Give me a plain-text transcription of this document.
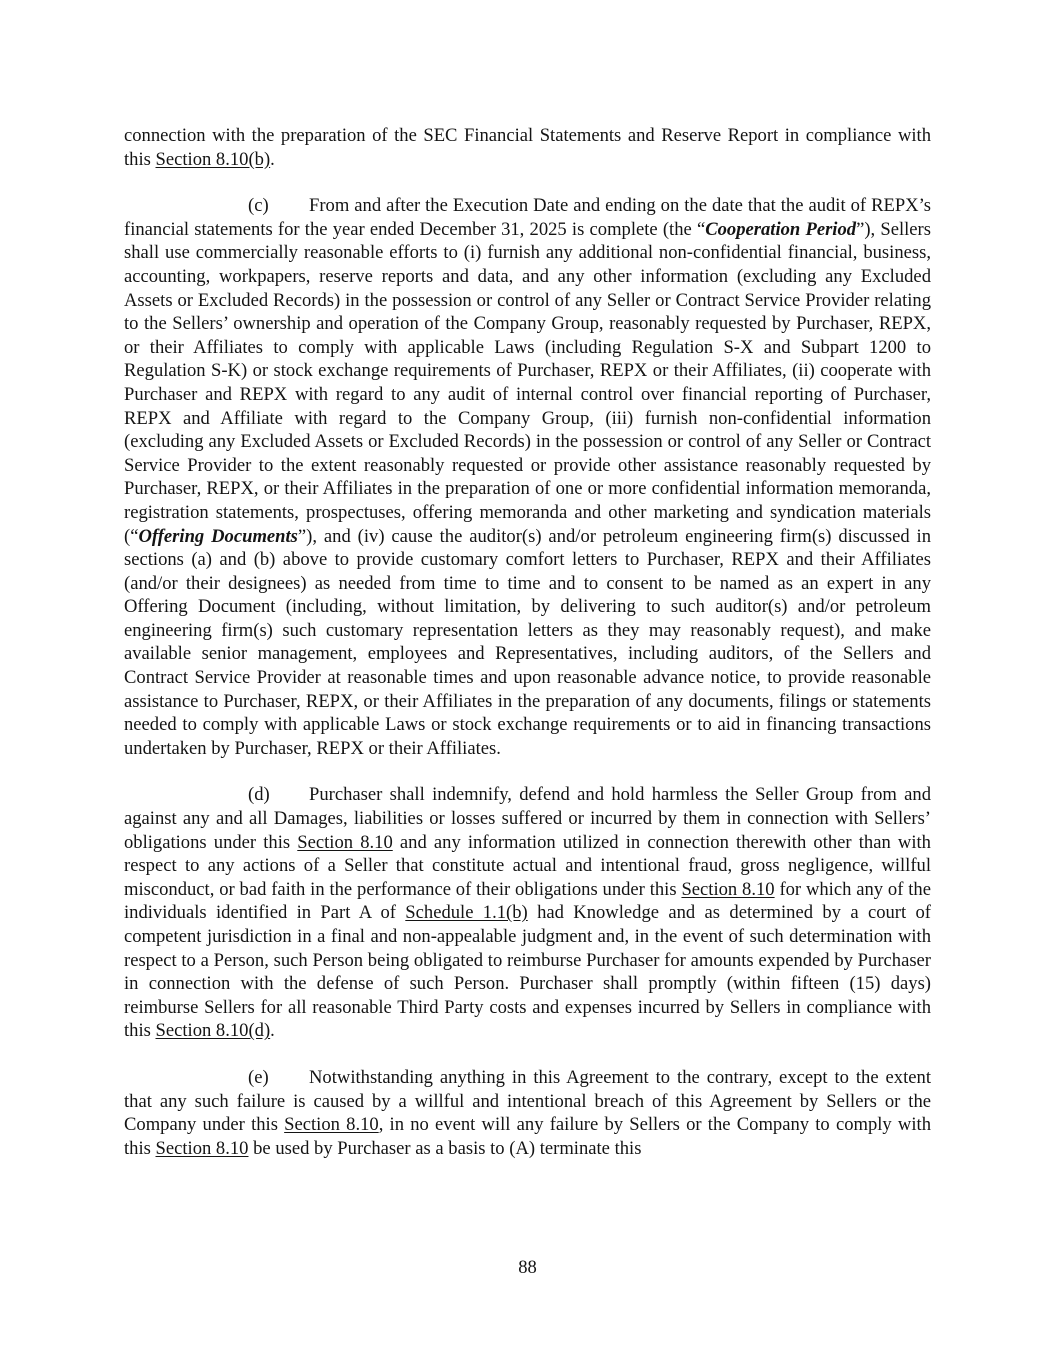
connection with the preparation of the SEC Financial Statements and Reserve Report in compliance with this Section 8.10(b).

(c) From and after the Execution Date and ending on the date that the audit of REPX’s financial statements for the year ended December 31, 2025 is complete (the “Cooperation Period”), Sellers shall use commercially reasonable efforts to (i) furnish any additional non-confidential financial, business, accounting, workpapers, reserve reports and data, and any other information (excluding any Excluded Assets or Excluded Records) in the possession or control of any Seller or Contract Service Provider relating to the Sellers’ ownership and operation of the Company Group, reasonably requested by Purchaser, REPX, or their Affiliates to comply with applicable Laws (including Regulation S-X and Subpart 1200 to Regulation S-K) or stock exchange requirements of Purchaser, REPX or their Affiliates, (ii) cooperate with Purchaser and REPX with regard to any audit of internal control over financial reporting of Purchaser, REPX and Affiliate with regard to the Company Group, (iii) furnish non-confidential information (excluding any Excluded Assets or Excluded Records) in the possession or control of any Seller or Contract Service Provider to the extent reasonably requested or provide other assistance reasonably requested by Purchaser, REPX, or their Affiliates in the preparation of one or more confidential information memoranda, registration statements, prospectuses, offering memoranda and other marketing and syndication materials (“Offering Documents”), and (iv) cause the auditor(s) and/or petroleum engineering firm(s) discussed in sections (a) and (b) above to provide customary comfort letters to Purchaser, REPX and their Affiliates (and/or their designees) as needed from time to time and to consent to be named as an expert in any Offering Document (including, without limitation, by delivering to such auditor(s) and/or petroleum engineering firm(s) such customary representation letters as they may reasonably request), and make available senior management, employees and Representatives, including auditors, of the Sellers and Contract Service Provider at reasonable times and upon reasonable advance notice, to provide reasonable assistance to Purchaser, REPX, or their Affiliates in the preparation of any documents, filings or statements needed to comply with applicable Laws or stock exchange requirements or to aid in financing transactions undertaken by Purchaser, REPX or their Affiliates.

(d) Purchaser shall indemnify, defend and hold harmless the Seller Group from and against any and all Damages, liabilities or losses suffered or incurred by them in connection with Sellers’ obligations under this Section 8.10 and any information utilized in connection therewith other than with respect to any actions of a Seller that constitute actual and intentional fraud, gross negligence, willful misconduct, or bad faith in the performance of their obligations under this Section 8.10 for which any of the individuals identified in Part A of Schedule 1.1(b) had Knowledge and as determined by a court of competent jurisdiction in a final and non-appealable judgment and, in the event of such determination with respect to a Person, such Person being obligated to reimburse Purchaser for amounts expended by Purchaser in connection with the defense of such Person. Purchaser shall promptly (within fifteen (15) days) reimburse Sellers for all reasonable Third Party costs and expenses incurred by Sellers in compliance with this Section 8.10(d).

(e) Notwithstanding anything in this Agreement to the contrary, except to the extent that any such failure is caused by a willful and intentional breach of this Agreement by Sellers or the Company under this Section 8.10, in no event will any failure by Sellers or the Company to comply with this Section 8.10 be used by Purchaser as a basis to (A) terminate this

88
